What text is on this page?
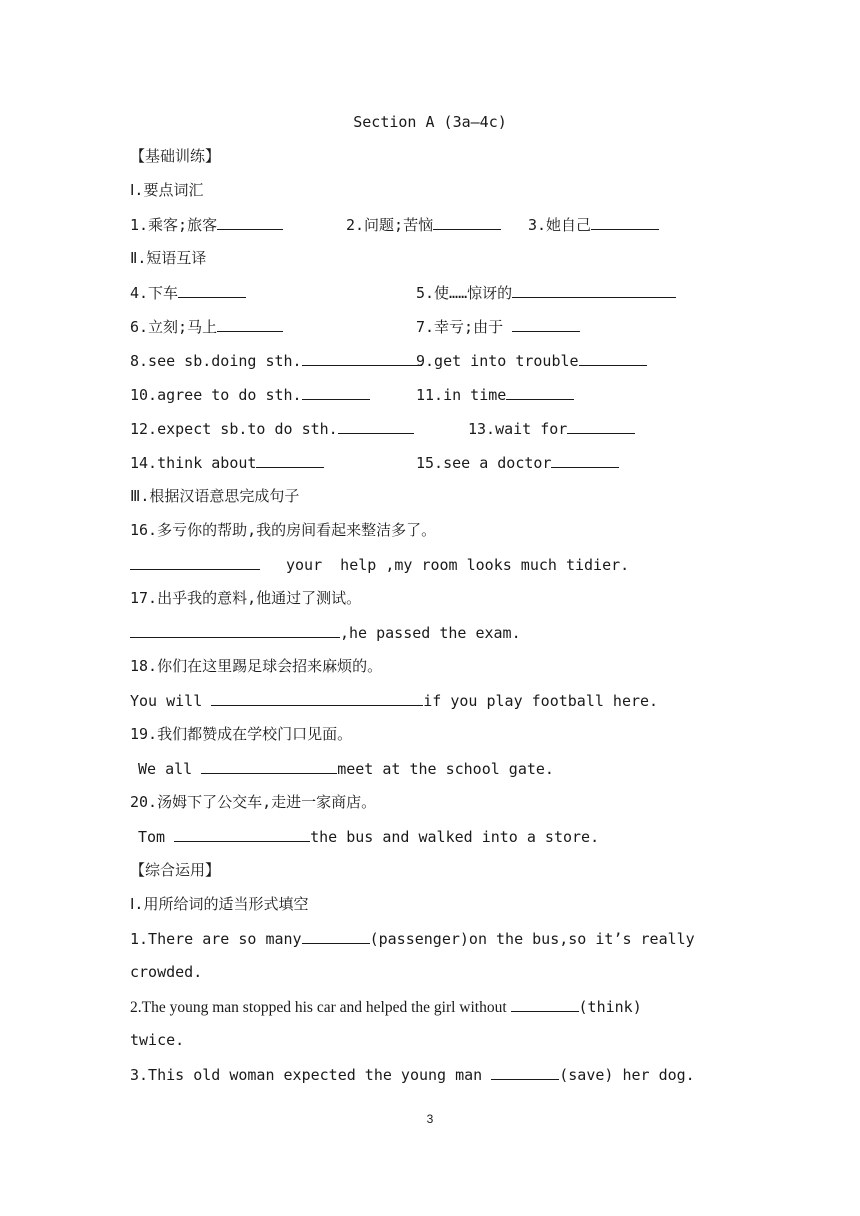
Section A (3a—4c)
【基础训练】
Ⅰ.要点词汇
1.乘客;旅客	2.问题;苦恼	3.她自己
Ⅱ.短语互译
4.下车	5.使……惊讶的
6.立刻;马上	7.幸亏;由于
8.see sb.doing sth.	9.get into trouble
10.agree to do sth.	11.in time
12.expect sb.to do sth.	13.wait for
14.think about	15.see a doctor
Ⅲ.根据汉语意思完成句子
16.多亏你的帮助,我的房间看起来整洁多了。
your  help ,my room looks much tidier.
17.出乎我的意料,他通过了测试。
,he passed the exam.
18.你们在这里踢足球会招来麻烦的。
You will	if you play football here.
19.我们都赞成在学校门口见面。
We all	meet at the school gate.
20.汤姆下了公交车,走进一家商店。
Tom	the bus and walked into a store.
【综合运用】
Ⅰ.用所给词的适当形式填空
1.There are so many	(passenger)on the bus,so it’s really
crowded.
2.The young man stopped his car and helped the girl without	(think)
twice.
3.This old woman expected the young man	(save) her dog.
3
